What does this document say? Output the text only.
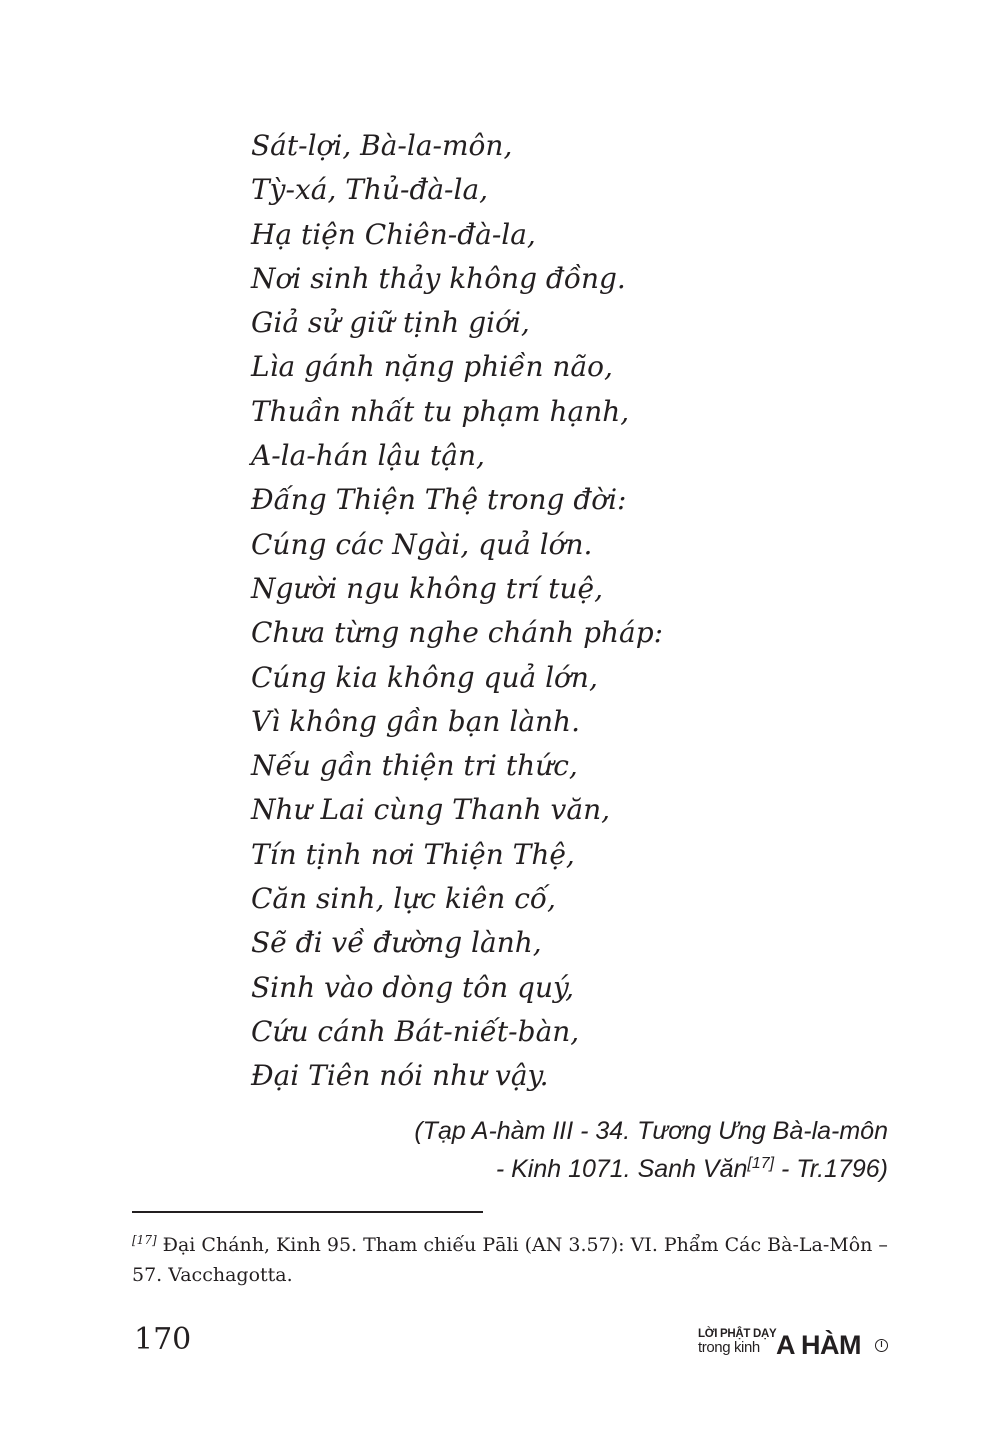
Sát-lợi, Bà-la-môn,
Tỳ-xá, Thủ-đà-la,
Hạ tiện Chiên-đà-la,
Nơi sinh thảy không đồng.
Giả sử giữ tịnh giới,
Lìa gánh nặng phiền não,
Thuần nhất tu phạm hạnh,
A-la-hán lậu tận,
Đấng Thiện Thệ trong đời:
Cúng các Ngài, quả lớn.
Người ngu không trí tuệ,
Chưa từng nghe chánh pháp:
Cúng kia không quả lớn,
Vì không gần bạn lành.
Nếu gần thiện tri thức,
Như Lai cùng Thanh văn,
Tín tịnh nơi Thiện Thệ,
Căn sinh, lực kiên cố,
Sẽ đi về đường lành,
Sinh vào dòng tôn quý,
Cứu cánh Bát-niết-bàn,
Đại Tiên nói như vậy.
(Tạp A-hàm III - 34. Tương Ưng Bà-la-môn
- Kinh 1071. Sanh Văn[17] - Tr.1796)
[17] Đại Chánh, Kinh 95. Tham chiếu Pāli (AN 3.57): VI. Phẩm Các Bà-La-Môn – 57. Vacchagotta.
170	LỜI PHẬT DẠY
trong kinh A HÀM	I
